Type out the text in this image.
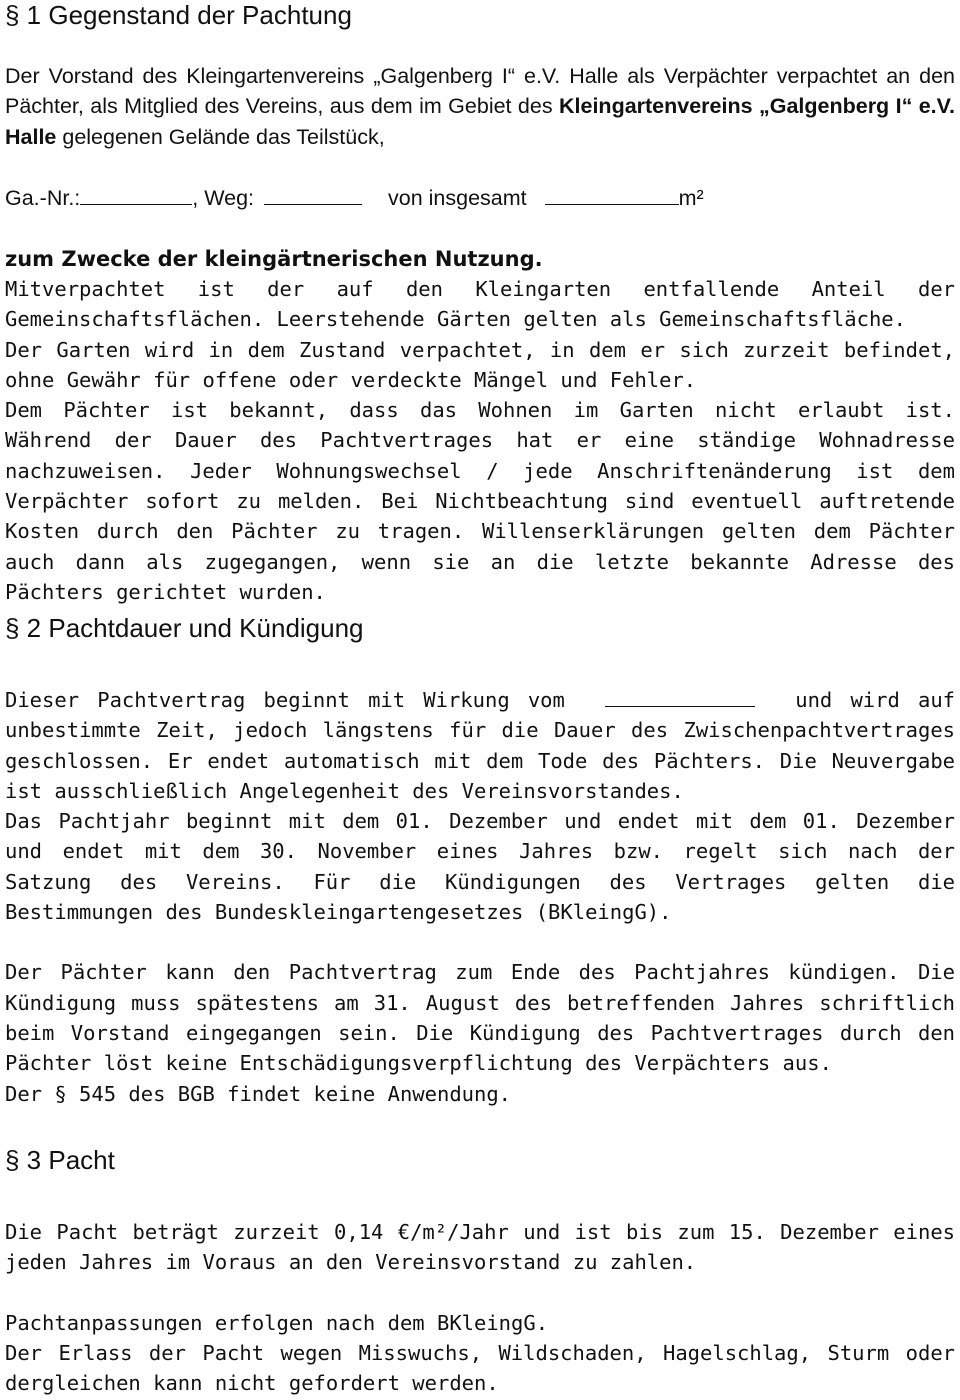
§ 1 Gegenstand der Pachtung

Der Vorstand des Kleingartenvereins „Galgenberg I“ e.V. Halle als Verpächter verpachtet an den Pächter, als Mitglied des Vereins, aus dem im Gebiet des Kleingartenvereins „Galgenberg I“ e.V. Halle gelegenen Gelände das Teilstück,

Ga.-Nr.:	, Weg:	von insgesamt	m²

zum Zwecke der kleingärtnerischen Nutzung.

Mitverpachtet ist der auf den Kleingarten entfallende Anteil der Gemeinschaftsflächen. Leerstehende Gärten gelten als Gemeinschaftsfläche.

Der Garten wird in dem Zustand verpachtet, in dem er sich zurzeit befindet, ohne Gewähr für offene oder verdeckte Mängel und Fehler.

Dem Pächter ist bekannt, dass das Wohnen im Garten nicht erlaubt ist. Während der Dauer des Pachtvertrages hat er eine ständige Wohnadresse nachzuweisen. Jeder Wohnungswechsel / jede Anschriftenänderung ist dem Verpächter sofort zu melden. Bei Nichtbeachtung sind eventuell auftretende Kosten durch den Pächter zu tragen. Willenserklärungen gelten dem Pächter auch dann als zugegangen, wenn sie an die letzte bekannte Adresse des Pächters gerichtet wurden.

§ 2 Pachtdauer und Kündigung

Dieser Pachtvertrag beginnt mit Wirkung vom	und wird auf unbestimmte Zeit, jedoch längstens für die Dauer des Zwischenpachtvertrages geschlossen. Er endet automatisch mit dem Tode des Pächters. Die Neuvergabe ist ausschließlich Angelegenheit des Vereinsvorstandes.

Das Pachtjahr beginnt mit dem 01. Dezember und endet mit dem 01. Dezember und endet mit dem 30. November eines Jahres bzw. regelt sich nach der Satzung des Vereins. Für die Kündigungen des Vertrages gelten die Bestimmungen des Bundeskleingartengesetzes (BKleingG).

Der Pächter kann den Pachtvertrag zum Ende des Pachtjahres kündigen. Die Kündigung muss spätestens am 31. August des betreffenden Jahres schriftlich beim Vorstand eingegangen sein. Die Kündigung des Pachtvertrages durch den Pächter löst keine Entschädigungsverpflichtung des Verpächters aus.

Der § 545 des BGB findet keine Anwendung.

§ 3 Pacht

Die Pacht beträgt zurzeit 0,14 €/m²/Jahr und ist bis zum 15. Dezember eines jeden Jahres im Voraus an den Vereinsvorstand zu zahlen.

Pachtanpassungen erfolgen nach dem BKleingG.

Der Erlass der Pacht wegen Misswuchs, Wildschaden, Hagelschlag, Sturm oder dergleichen kann nicht gefordert werden.
